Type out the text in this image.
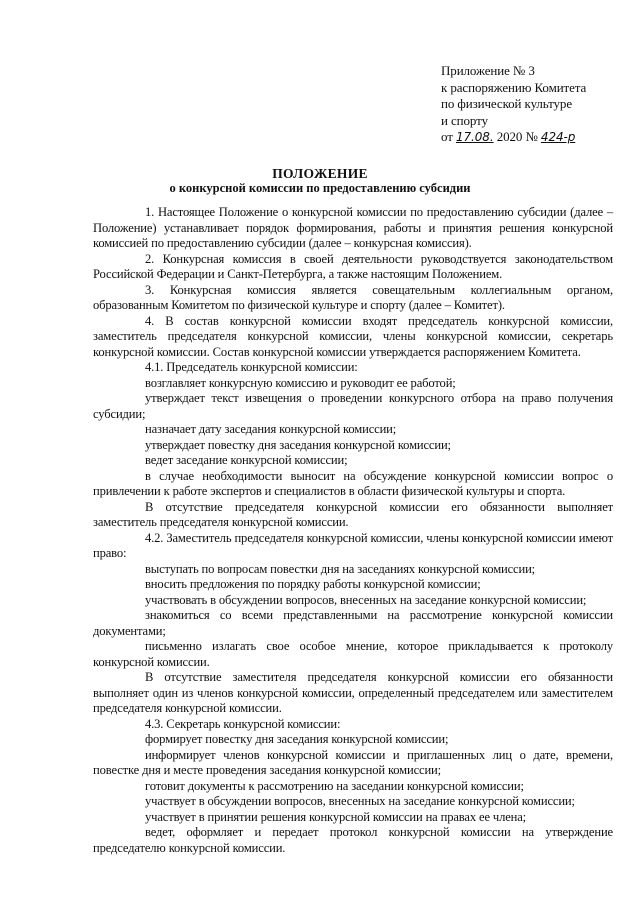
Приложение № 3
к распоряжению Комитета
по физической культуре
и спорту
от 17.08. 2020 № 424-р
ПОЛОЖЕНИЕ
о конкурсной комиссии по предоставлению субсидии

1. Настоящее Положение о конкурсной комиссии по предоставлению субсидии (далее – Положение) устанавливает порядок формирования, работы и принятия решения конкурсной комиссией по предоставлению субсидии (далее – конкурсная комиссия).

2. Конкурсная комиссия в своей деятельности руководствуется законодательством Российской Федерации и Санкт-Петербурга, а также настоящим Положением.

3. Конкурсная комиссия является совещательным коллегиальным органом, образованным Комитетом по физической культуре и спорту (далее – Комитет).

4. В состав конкурсной комиссии входят председатель конкурсной комиссии, заместитель председателя конкурсной комиссии, члены конкурсной комиссии, секретарь конкурсной комиссии. Состав конкурсной комиссии утверждается распоряжением Комитета.

4.1. Председатель конкурсной комиссии:

возглавляет конкурсную комиссию и руководит ее работой;

утверждает текст извещения о проведении конкурсного отбора на право получения субсидии;

назначает дату заседания конкурсной комиссии;

утверждает повестку дня заседания конкурсной комиссии;

ведет заседание конкурсной комиссии;

в случае необходимости выносит на обсуждение конкурсной комиссии вопрос о привлечении к работе экспертов и специалистов в области физической культуры и спорта.

В отсутствие председателя конкурсной комиссии его обязанности выполняет заместитель председателя конкурсной комиссии.

4.2. Заместитель председателя конкурсной комиссии, члены конкурсной комиссии имеют право:

выступать по вопросам повестки дня на заседаниях конкурсной комиссии;

вносить предложения по порядку работы конкурсной комиссии;

участвовать в обсуждении вопросов, внесенных на заседание конкурсной комиссии;

знакомиться со всеми представленными на рассмотрение конкурсной комиссии документами;

письменно излагать свое особое мнение, которое прикладывается к протоколу конкурсной комиссии.

В отсутствие заместителя председателя конкурсной комиссии его обязанности выполняет один из членов конкурсной комиссии, определенный председателем или заместителем председателя конкурсной комиссии.

4.3. Секретарь конкурсной комиссии:

формирует повестку дня заседания конкурсной комиссии;

информирует членов конкурсной комиссии и приглашенных лиц о дате, времени, повестке дня и месте проведения заседания конкурсной комиссии;

готовит документы к рассмотрению на заседании конкурсной комиссии;

участвует в обсуждении вопросов, внесенных на заседание конкурсной комиссии;

участвует в принятии решения конкурсной комиссии на правах ее члена;

ведет, оформляет и передает протокол конкурсной комиссии на утверждение председателю конкурсной комиссии.
